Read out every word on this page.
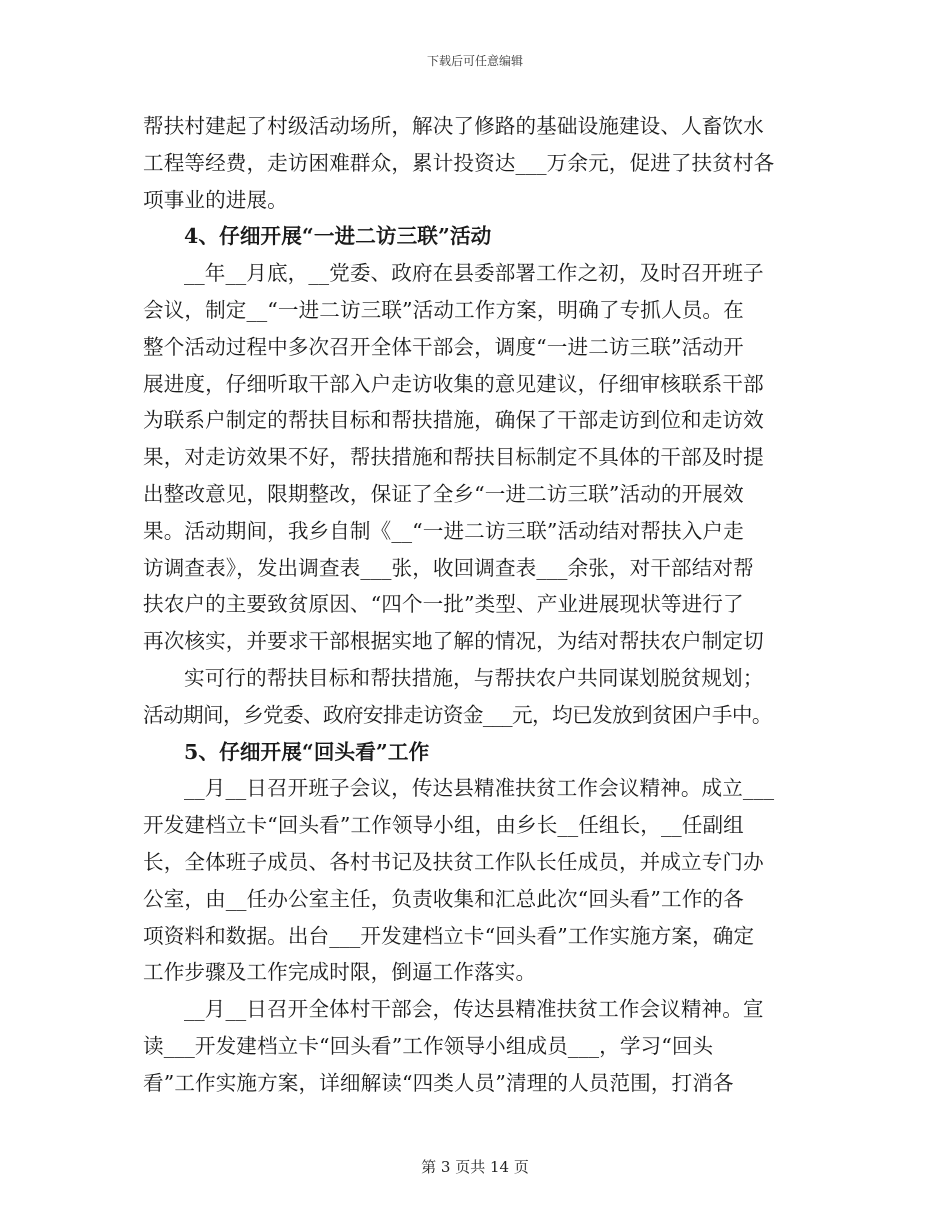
下载后可任意编辑
帮扶村建起了村级活动场所，解决了修路的基础设施建设、人畜饮水
工程等经费，走访困难群众，累计投资达___万余元，促进了扶贫村各
项事业的进展。
4、仔细开展“一进二访三联”活动
__年__月底，__党委、政府在县委部署工作之初，及时召开班子
会议，制定__“一进二访三联”活动工作方案，明确了专抓人员。在
整个活动过程中多次召开全体干部会，调度“一进二访三联”活动开
展进度，仔细听取干部入户走访收集的意见建议，仔细审核联系干部
为联系户制定的帮扶目标和帮扶措施，确保了干部走访到位和走访效
果，对走访效果不好，帮扶措施和帮扶目标制定不具体的干部及时提
出整改意见，限期整改，保证了全乡“一进二访三联”活动的开展效
果。活动期间，我乡自制《__“一进二访三联”活动结对帮扶入户走
访调查表》，发出调查表___张，收回调查表___余张，对干部结对帮
扶农户的主要致贫原因、“四个一批”类型、产业进展现状等进行了
再次核实，并要求干部根据实地了解的情况，为结对帮扶农户制定切
实可行的帮扶目标和帮扶措施，与帮扶农户共同谋划脱贫规划；
活动期间，乡党委、政府安排走访资金___元，均已发放到贫困户手中。
5、仔细开展“回头看”工作
__月__日召开班子会议，传达县精准扶贫工作会议精神。成立___
开发建档立卡“回头看”工作领导小组，由乡长__任组长，__任副组
长，全体班子成员、各村书记及扶贫工作队长任成员，并成立专门办
公室，由__任办公室主任，负责收集和汇总此次“回头看”工作的各
项资料和数据。出台___开发建档立卡“回头看”工作实施方案，确定
工作步骤及工作完成时限，倒逼工作落实。
__月__日召开全体村干部会，传达县精准扶贫工作会议精神。宣
读___开发建档立卡“回头看”工作领导小组成员___，学习“回头
看”工作实施方案，详细解读“四类人员”清理的人员范围，打消各
第 3 页共 14 页
